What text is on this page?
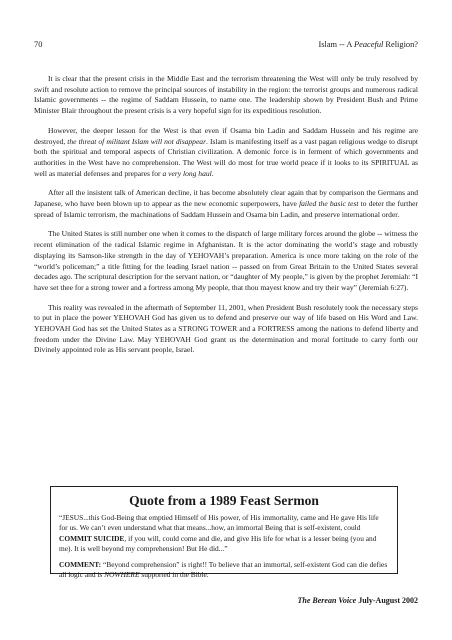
70	Islam -- A Peaceful Religion?

It is clear that the present crisis in the Middle East and the terrorism threatening the West will only be truly resolved by swift and resolute action to remove the principal sources of instability in the region: the terrorist groups and numerous radical Islamic governments -- the regime of Saddam Hussein, to name one. The leadership shown by President Bush and Prime Minister Blair throughout the present crisis is a very hopeful sign for its expeditious resolution.

However, the deeper lesson for the West is that even if Osama bin Ladin and Saddam Hussein and his regime are destroyed, the threat of militant Islam will not disappear. Islam is manifesting itself as a vast pagan religious wedge to disrupt both the spiritual and temporal aspects of Christian civilization. A demonic force is in ferment of which governments and authorities in the West have no comprehension. The West will do most for true world peace if it looks to its SPIRITUAL as well as material defenses and prepares for a very long haul.

After all the insistent talk of American decline, it has become absolutely clear again that by comparison the Germans and Japanese, who have been blown up to appear as the new economic superpowers, have failed the basic test to deter the further spread of Islamic terrorism, the machinations of Saddam Hussein and Osama bin Ladin, and preserve international order.

The United States is still number one when it comes to the dispatch of large military forces around the globe -- witness the recent elimination of the radical Islamic regime in Afghanistan. It is the actor dominating the world’s stage and robustly displaying its Samson-like strength in the day of YEHOVAH’s preparation. America is once more taking on the role of the “world’s policeman;” a title fitting for the leading Israel nation -- passed on from Great Britain to the United States several decades ago. The scriptural description for the servant nation, or “daughter of My people,” is given by the prophet Jeremiah: “I have set thee for a strong tower and a fortress among My people, that thou mayest know and try their way” (Jeremiah 6:27).

This reality was revealed in the aftermath of September 11, 2001, when President Bush resolutely took the necessary steps to put in place the power YEHOVAH God has given us to defend and preserve our way of life based on His Word and Law. YEHOVAH God has set the United States as a STRONG TOWER and a FORTRESS among the nations to defend liberty and freedom under the Divine Law. May YEHOVAH God grant us the determination and moral fortitude to carry forth our Divinely appointed role as His servant people, Israel.

Quote from a 1989 Feast Sermon

“JESUS...this God-Being that emptied Himself of His power, of His immortality, came and He gave His life for us. We can’t even understand what that means...how, an immortal Being that is self-existent, could COMMIT SUICIDE, if you will, could come and die, and give His life for what is a lesser being (you and me). It is well beyond my comprehension! But He did...”

COMMENT: “Beyond comprehension” is right!! To believe that an immortal, self-existent God can die defies all logic and is NOWHERE supported in the Bible.

The Berean Voice July-August 2002
